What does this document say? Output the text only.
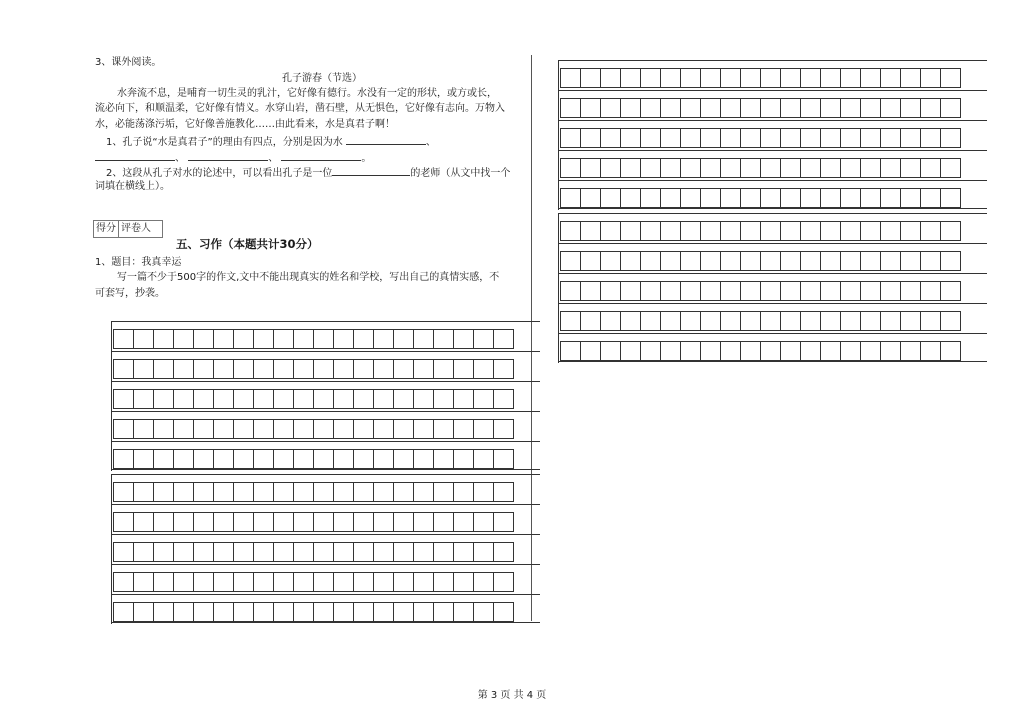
3、课外阅读。
孔子游春（节选）
水奔流不息，是哺育一切生灵的乳汁，它好像有德行。水没有一定的形状，或方或长，
流必向下，和顺温柔，它好像有情义。水穿山岩，凿石壁，从无惧色，它好像有志向。万物入
水，必能荡涤污垢，它好像善施教化……由此看来，水是真君子啊！
1、孔子说“水是真君子”的理由有四点，分别是因为水	、
、	、	。
2、这段从孔子对水的论述中，可以看出孔子是一位	的老师（从文中找一个
词填在横线上）。
得分 评卷人
五、习作（本题共计30分）
1、题目：我真幸运
写一篇不少于500字的作文,文中不能出现真实的姓名和学校，写出自己的真情实感，不
可套写，抄袭。
第 3 页 共 4 页
